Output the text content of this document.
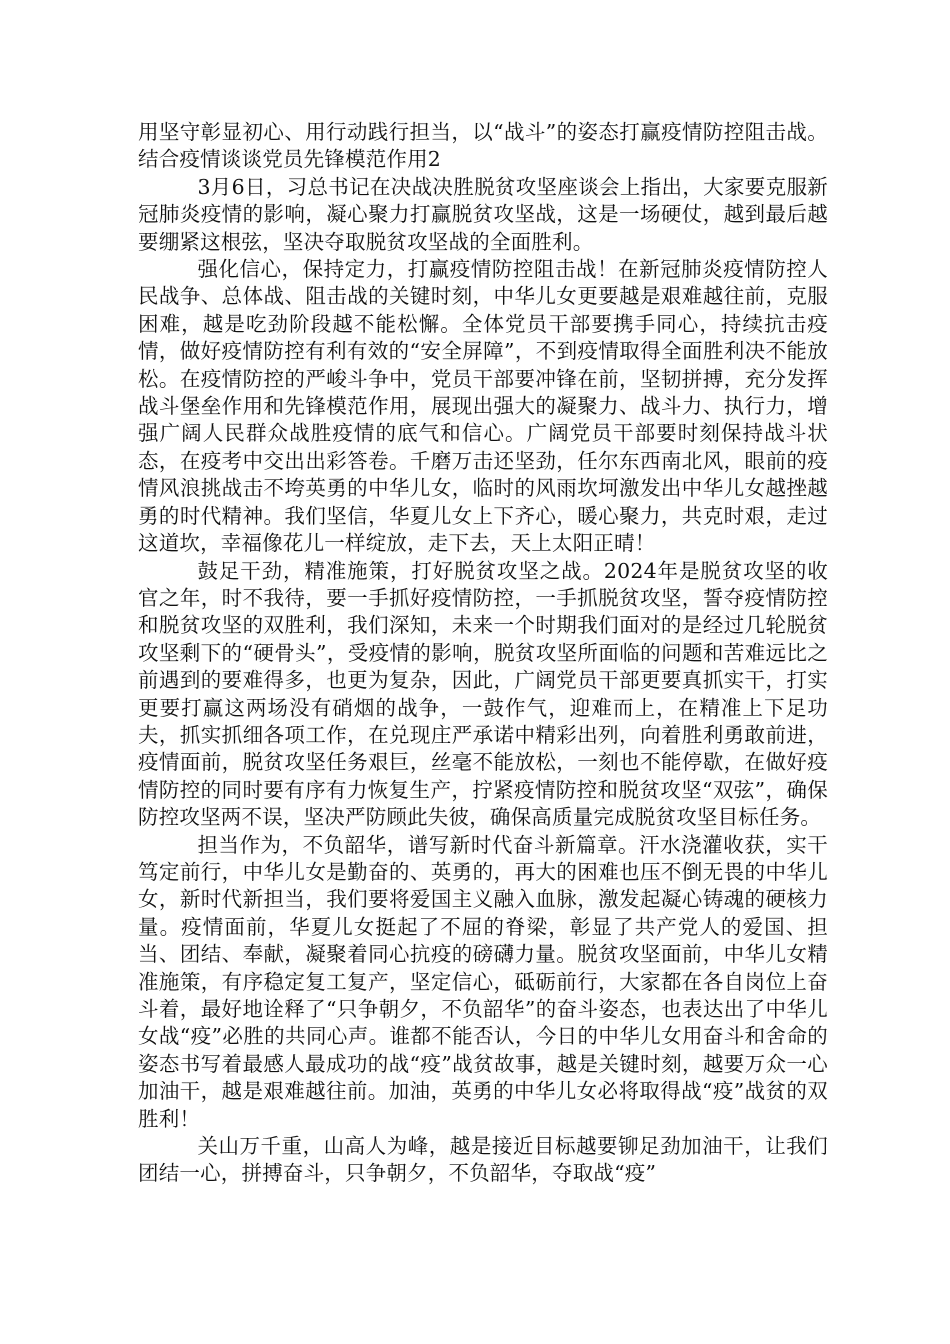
用坚守彰显初心、用行动践行担当，以“战斗”的姿态打赢疫情防控阻击战。结合疫情谈谈党员先锋模范作用2

3月6日，习总书记在决战决胜脱贫攻坚座谈会上指出，大家要克服新冠肺炎疫情的影响，凝心聚力打赢脱贫攻坚战，这是一场硬仗，越到最后越要绷紧这根弦，坚决夺取脱贫攻坚战的全面胜利。

强化信心，保持定力，打赢疫情防控阻击战！在新冠肺炎疫情防控人民战争、总体战、阻击战的关键时刻，中华儿女更要越是艰难越往前，克服困难，越是吃劲阶段越不能松懈。全体党员干部要携手同心，持续抗击疫情，做好疫情防控有利有效的“安全屏障”，不到疫情取得全面胜利决不能放松。在疫情防控的严峻斗争中，党员干部要冲锋在前，坚韧拼搏，充分发挥战斗堡垒作用和先锋模范作用，展现出强大的凝聚力、战斗力、执行力，增强广阔人民群众战胜疫情的底气和信心。广阔党员干部要时刻保持战斗状态，在疫考中交出出彩答卷。千磨万击还坚劲，任尔东西南北风，眼前的疫情风浪挑战击不垮英勇的中华儿女，临时的风雨坎坷激发出中华儿女越挫越勇的时代精神。我们坚信，华夏儿女上下齐心，暖心聚力，共克时艰，走过这道坎，幸福像花儿一样绽放，走下去，天上太阳正晴！

鼓足干劲，精准施策，打好脱贫攻坚之战。2024年是脱贫攻坚的收官之年，时不我待，要一手抓好疫情防控，一手抓脱贫攻坚，誓夺疫情防控和脱贫攻坚的双胜利，我们深知，未来一个时期我们面对的是经过几轮脱贫攻坚剩下的“硬骨头”，受疫情的影响，脱贫攻坚所面临的问题和苦难远比之前遇到的要难得多，也更为复杂，因此，广阔党员干部更要真抓实干，打实更要打赢这两场没有硝烟的战争，一鼓作气，迎难而上，在精准上下足功夫，抓实抓细各项工作，在兑现庄严承诺中精彩出列，向着胜利勇敢前进，疫情面前，脱贫攻坚任务艰巨，丝毫不能放松，一刻也不能停歇，在做好疫情防控的同时要有序有力恢复生产，拧紧疫情防控和脱贫攻坚“双弦”，确保防控攻坚两不误，坚决严防顾此失彼，确保高质量完成脱贫攻坚目标任务。

担当作为，不负韶华，谱写新时代奋斗新篇章。汗水浇灌收获，实干笃定前行，中华儿女是勤奋的、英勇的，再大的困难也压不倒无畏的中华儿女，新时代新担当，我们要将爱国主义融入血脉，激发起凝心铸魂的硬核力量。疫情面前，华夏儿女挺起了不屈的脊梁，彰显了共产党人的爱国、担当、团结、奉献，凝聚着同心抗疫的磅礴力量。脱贫攻坚面前，中华儿女精准施策，有序稳定复工复产，坚定信心，砥砺前行，大家都在各自岗位上奋斗着，最好地诠释了“只争朝夕，不负韶华”的奋斗姿态，也表达出了中华儿女战“疫”必胜的共同心声。谁都不能否认，今日的中华儿女用奋斗和舍命的姿态书写着最感人最成功的战“疫”战贫故事，越是关键时刻，越要万众一心加油干，越是艰难越往前。加油，英勇的中华儿女必将取得战“疫”战贫的双胜利！

关山万千重，山高人为峰，越是接近目标越要铆足劲加油干，让我们团结一心，拼搏奋斗，只争朝夕，不负韶华，夺取战“疫”
